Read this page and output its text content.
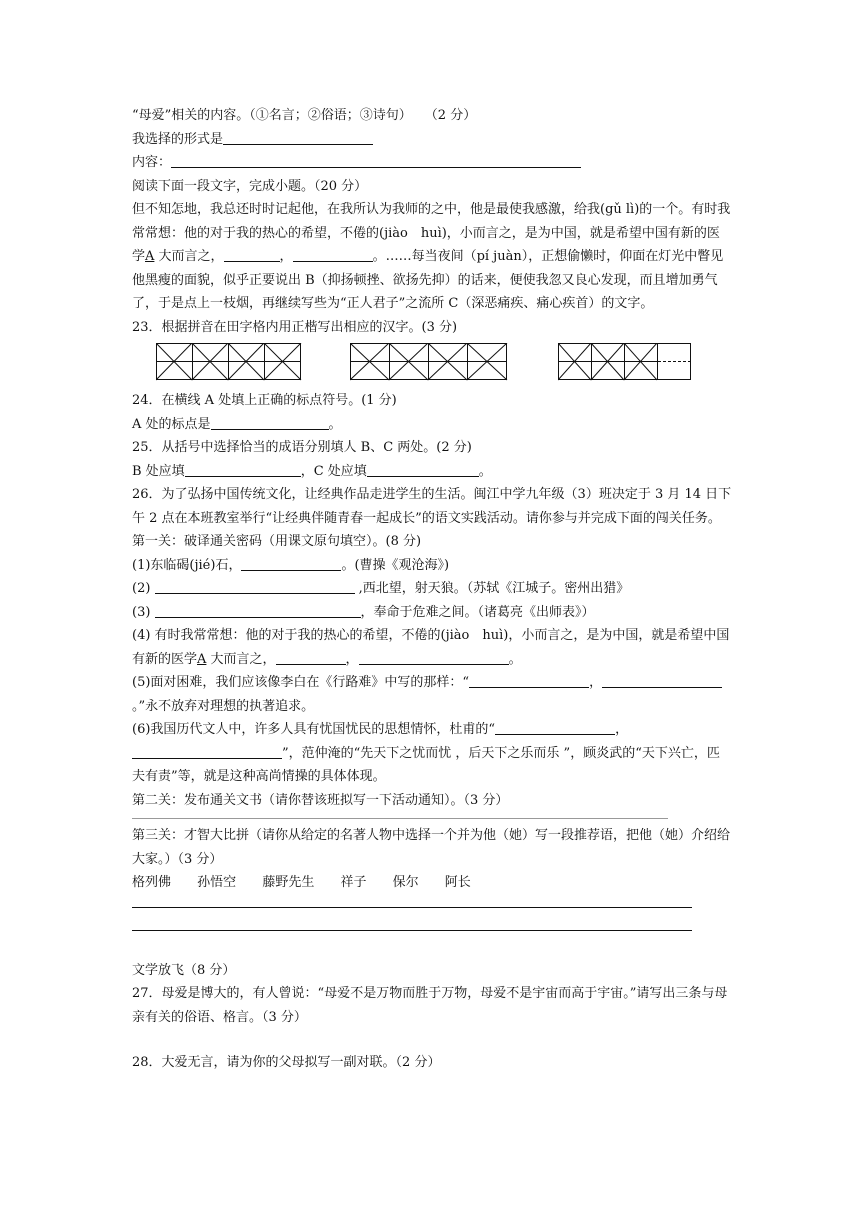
“母爱”相关的内容。（①名言；②俗语；③诗句）　　（2 分）
我选择的形式是
内容：
阅读下面一段文字，完成小题。（20 分）
但不知怎地，我总还时时记起他，在我所认为我师的之中，他是最使我感激，给我(gǔ lì)的一个。有时我常常想：他的对于我的热心的希望，不倦的(jiào　huì)，小而言之，是为中国，就是希望中国有新的医学A 大而言之，	，	。……每当夜间（pí juàn），正想偷懒时，仰面在灯光中瞥见他黑瘦的面貌，似乎正要说出 B（抑扬顿挫、欲扬先抑）的话来，便使我忽又良心发现，而且增加勇气了，于是点上一枝烟，再继续写些为“正人君子”之流所 C（深恶痛疾、痛心疾首）的文字。
23．根据拼音在田字格内用正楷写出相应的汉字。(3 分)
24．在横线 A 处填上正确的标点符号。(1 分)
A 处的标点是	。
25．从括号中选择恰当的成语分别填人 B、C 两处。(2 分)
B 处应填	，C 处应填	。
26．为了弘扬中国传统文化，让经典作品走进学生的生活。闽江中学九年级（3）班决定于 3 月 14 日下午 2 点在本班教室举行“让经典伴随青春一起成长”的语文实践活动。请你参与并完成下面的闯关任务。
第一关：破译通关密码（用课文原句填空）。(8 分)
(1)东临碣(jié)石，	。(曹操《观沧海》)
(2)	,西北望，射天狼。（苏轼《江城子。密州出猎》
(3)	，奉命于危难之间。（诸葛亮《出师表》）
(4) 有时我常常想：他的对于我的热心的希望，不倦的(jiào　huì)，小而言之，是为中国，就是希望中国有新的医学A 大而言之，	，	。
(5)面对困难，我们应该像李白在《行路难》中写的那样：“	，。”永不放弃对理想的执著追求。
(6)我国历代文人中，许多人具有忧国忧民的思想情怀，杜甫的“	，”，范仲淹的“先天下之忧而忧 ，后天下之乐而乐 ”，顾炎武的“天下兴亡，匹夫有责”等，就是这种高尚情操的具体体现。
第二关：发布通关文书（请你替该班拟写一下活动通知）。（3 分）
第三关：才智大比拼（请你从给定的名著人物中选择一个并为他（她）写一段推荐语，把他（她）介绍给大家。）（3 分）
格列佛 孙悟空 藤野先生 祥子 保尔 阿长
文学放飞（8 分）
27．母爱是博大的，有人曾说：“母爱不是万物而胜于万物，母爱不是宇宙而高于宇宙。”请写出三条与母亲有关的俗语、格言。（3 分）
28．大爱无言，请为你的父母拟写一副对联。（2 分）
